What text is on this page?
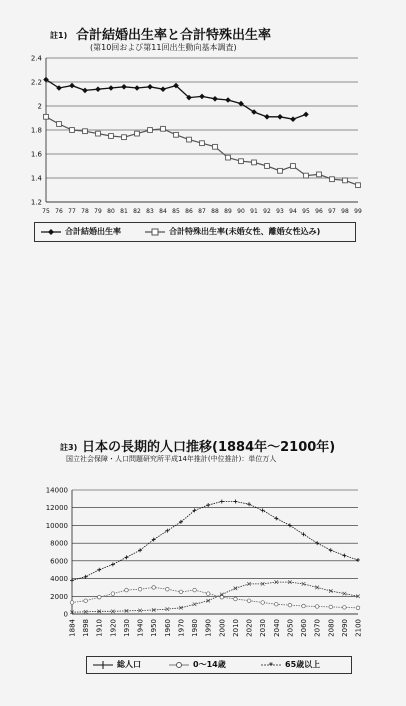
註1) 合計結婚出生率と合計特殊出生率
(第10回および第11回出生動向基本調査)
1.2
1.4
1.6
1.8
2
2.2
2.4
75 76 77 78 79 80 81 82 83 84 85 86 87 88 89 90 91 92 93 94 95 96 97 98 99
合計結婚出生率	合計特殊出生率(未婚女性、離婚女性込み)
註3) 日本の長期的人口推移(1884年～2100年)
国立社会保障・人口問題研究所平成14年推計(中位推計)：単位万人
0
2000
4000
6000
8000
10000
12000
14000
1884 1898 1910 1920 1930 1940 1950 1960 1970 1980 1990 2000 2010 2020 2030 2040 2050 2060 2070 2080 2090 2100
総人口	0～14歳	* 65歳以上
